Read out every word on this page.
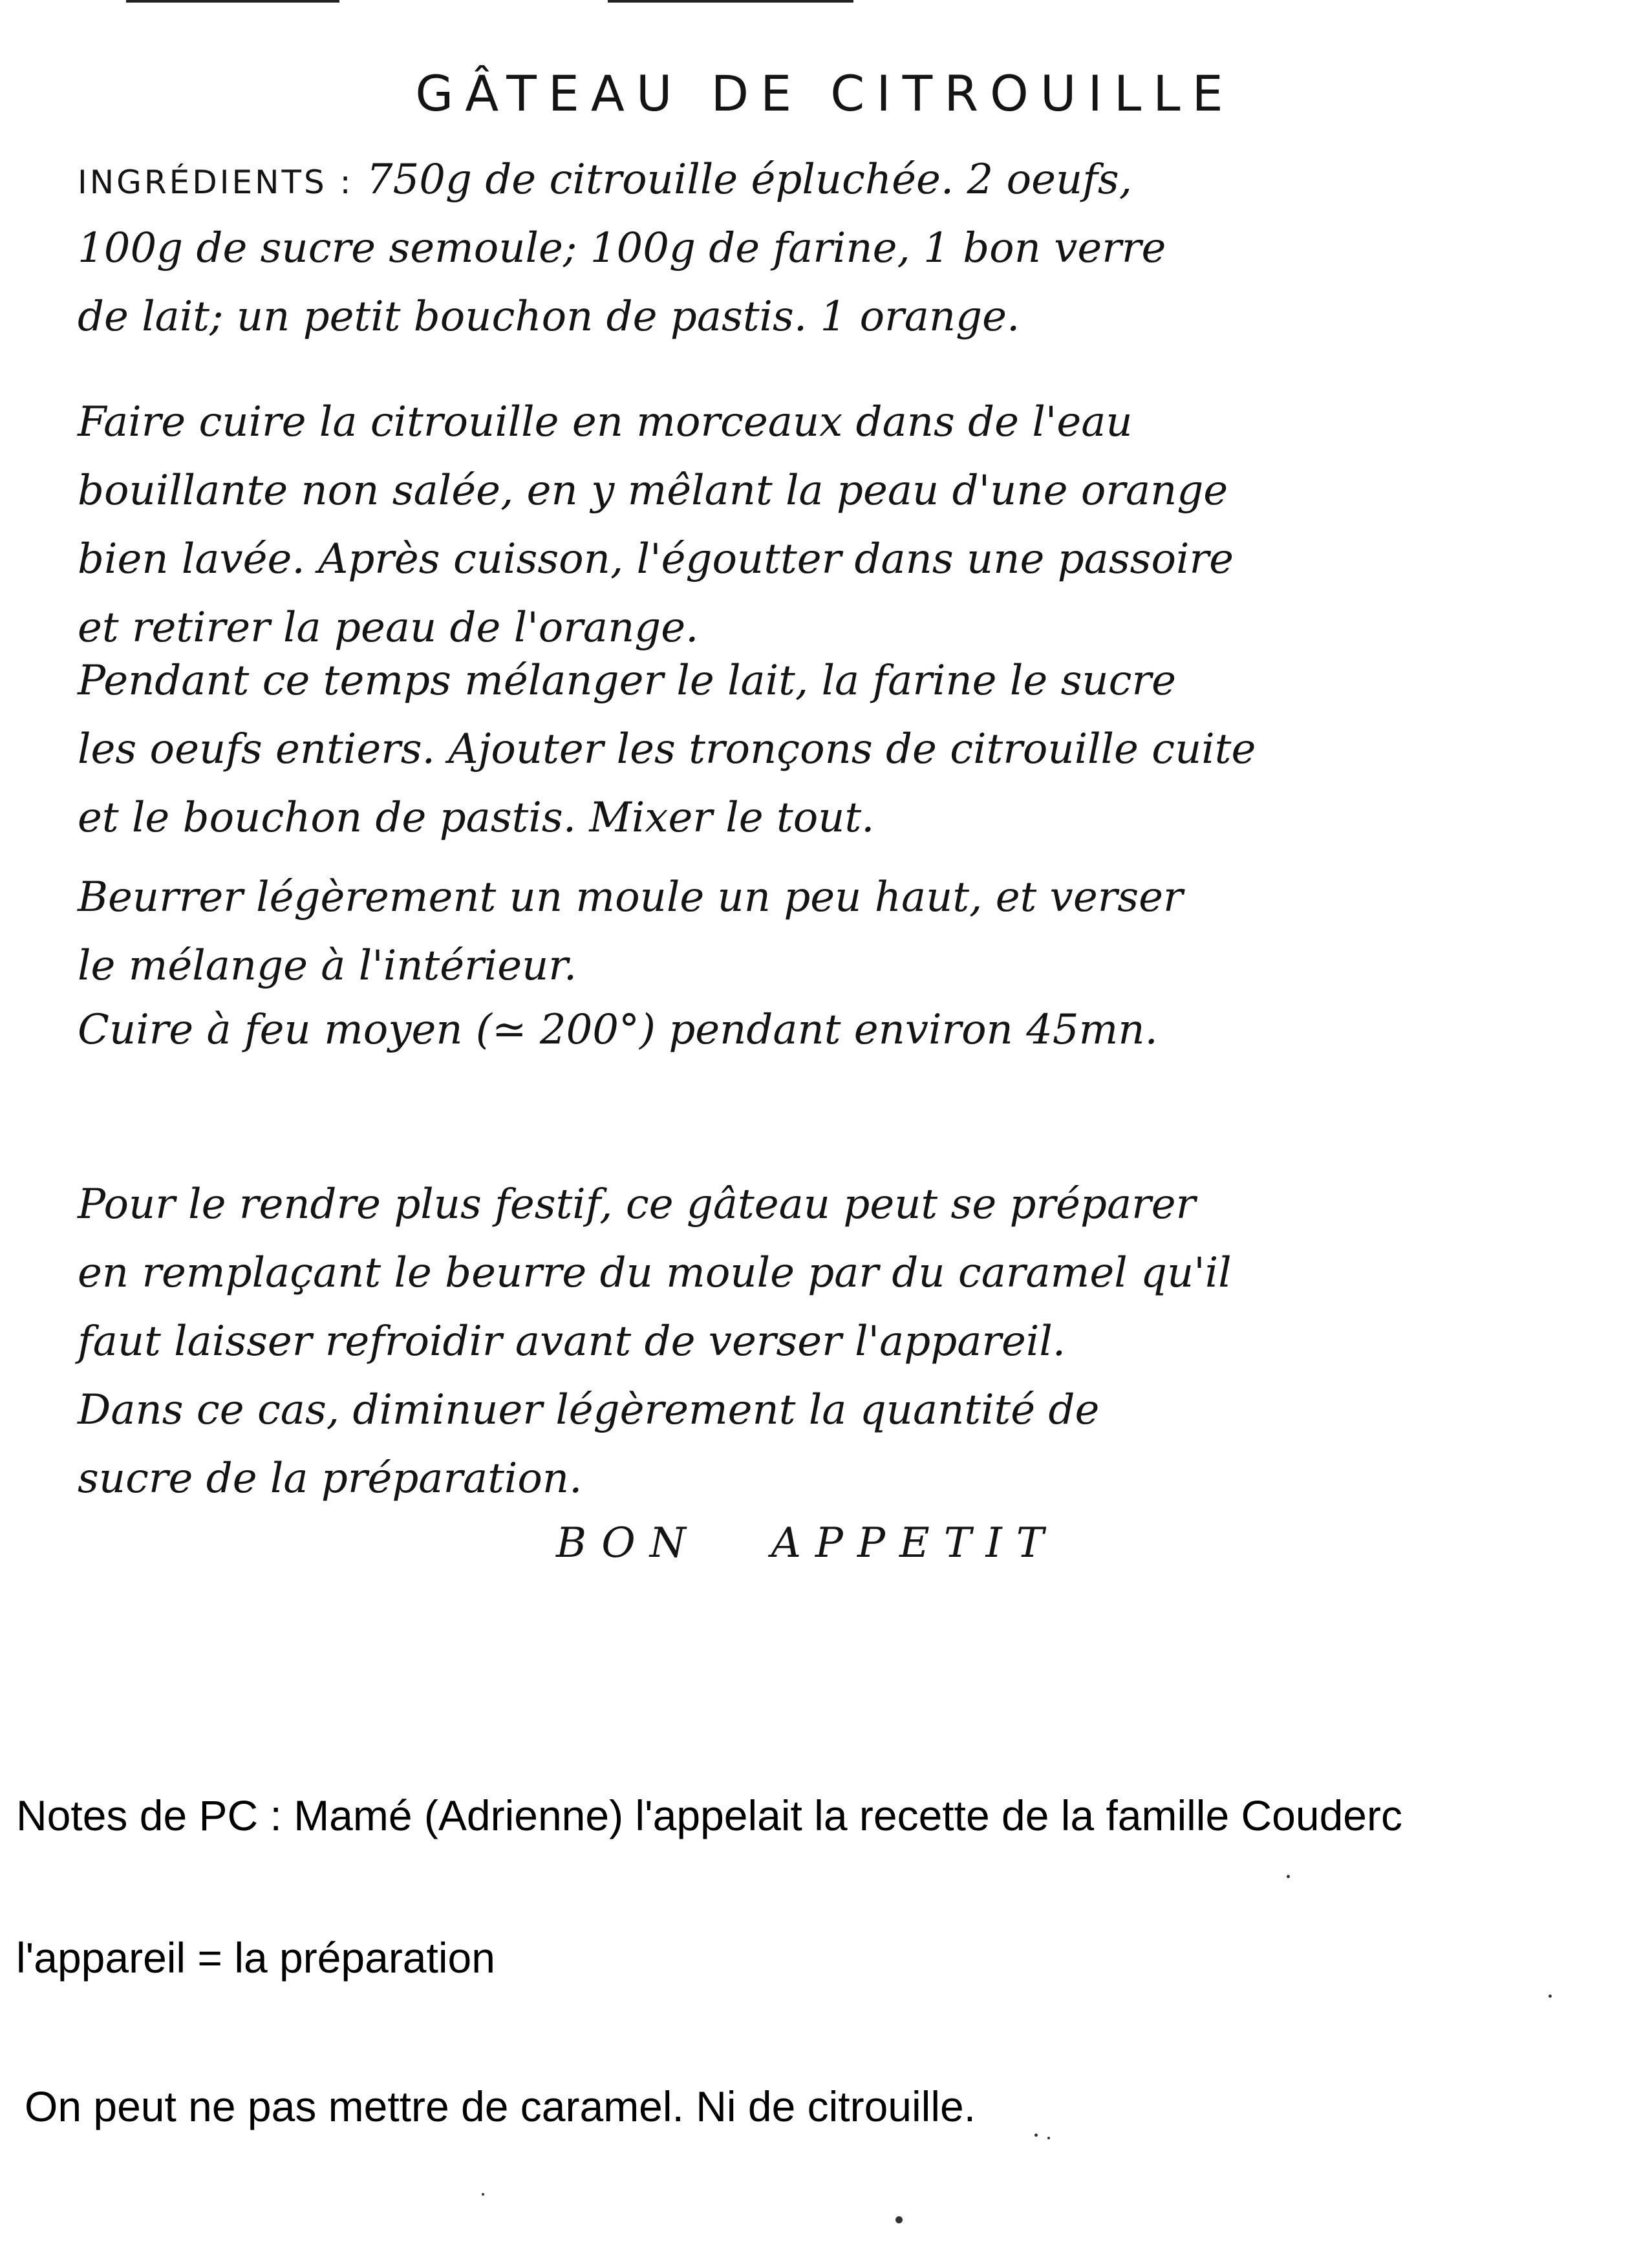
GÂTEAU DE CITROUILLE
INGRÉDIENTS : 750g de citrouille épluchée. 2 oeufs,
100g de sucre semoule; 100g de farine, 1 bon verre
de lait; un petit bouchon de pastis. 1 orange.
Faire cuire la citrouille en morceaux dans de l'eau
bouillante non salée, en y mêlant la peau d'une orange
bien lavée. Après cuisson, l'égoutter dans une passoire
et retirer la peau de l'orange.
Pendant ce temps mélanger le lait, la farine le sucre
les oeufs entiers. Ajouter les tronçons de citrouille cuite
et le bouchon de pastis. Mixer le tout.
Beurrer légèrement un moule un peu haut, et verser
le mélange à l'intérieur.
Cuire à feu moyen (≃ 200°) pendant environ 45mn.
Pour le rendre plus festif, ce gâteau peut se préparer
en remplaçant le beurre du moule par du caramel qu'il
faut laisser refroidir avant de verser l'appareil.
Dans ce cas, diminuer légèrement la quantité de
sucre de la préparation.
BON APPETIT
Notes de PC : Mamé (Adrienne) l'appelait la recette de la famille Couderc
l'appareil = la préparation
On peut ne pas mettre de caramel. Ni de citrouille.
